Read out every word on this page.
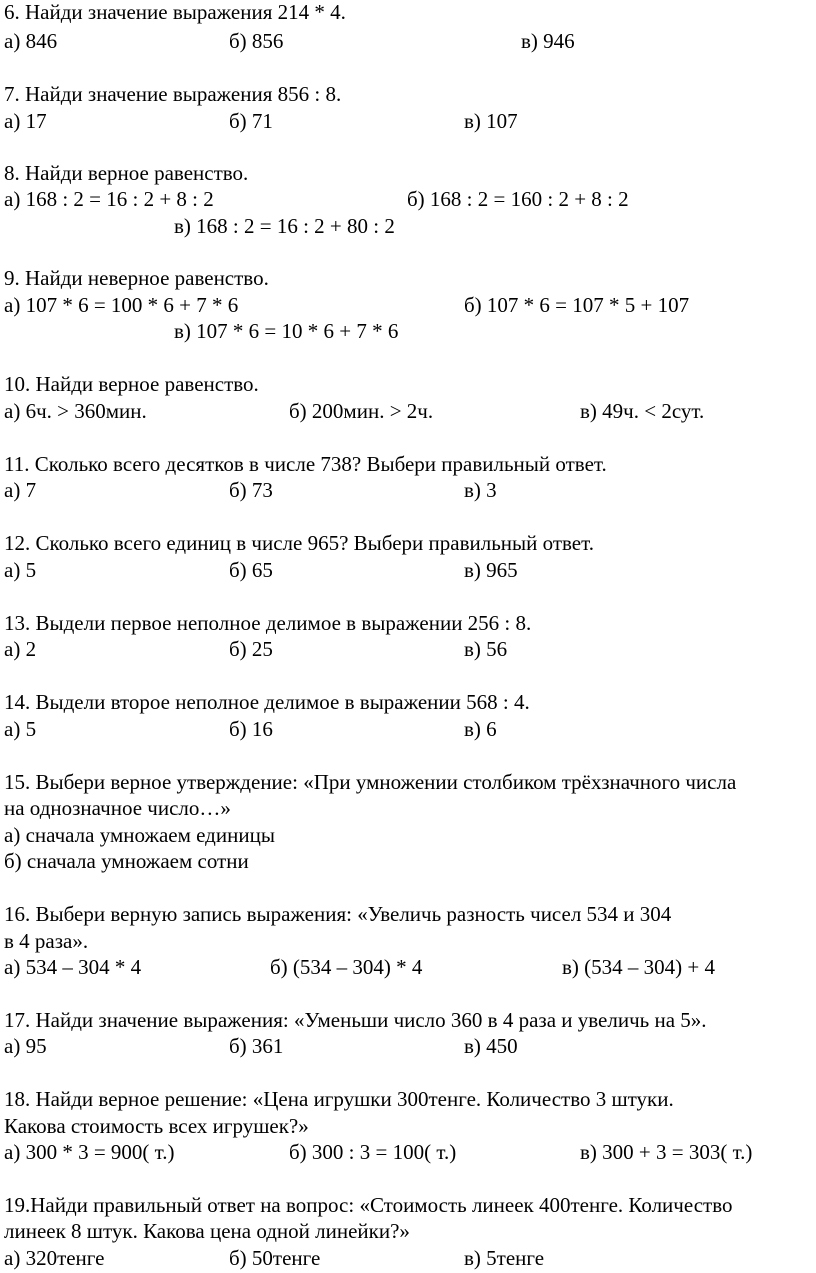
6. Найди значение выражения 214 * 4.
а) 846	б) 856	в) 946
7. Найди значение выражения 856 : 8.
а) 17	б) 71	в) 107
8. Найди верное равенство.
а) 168 : 2 = 16 : 2 + 8 : 2	б) 168 : 2 = 160 : 2 + 8 : 2
в) 168 : 2 = 16 : 2 + 80 : 2
9. Найди неверное равенство.
а) 107 * 6 = 100 * 6 + 7 * 6	б) 107 * 6 = 107 * 5 + 107
в) 107 * 6 = 10 * 6 + 7 * 6
10. Найди верное равенство.
а) 6ч. > 360мин.	б) 200мин. > 2ч.	в) 49ч. < 2сут.
11. Сколько всего десятков в числе 738? Выбери правильный ответ.
а) 7	б) 73	в) 3
12. Сколько всего единиц в числе 965? Выбери правильный ответ.
а) 5	б) 65	в) 965
13. Выдели первое неполное делимое в выражении 256 : 8.
а) 2	б) 25	в) 56
14. Выдели второе неполное делимое в выражении 568 : 4.
а) 5	б) 16	в) 6
15. Выбери верное утверждение: «При умножении столбиком трёхзначного числа
на однозначное число…»
а) сначала умножаем единицы
б) сначала умножаем сотни
16. Выбери верную запись выражения: «Увеличь разность чисел 534 и 304
в 4 раза».
а) 534 – 304 * 4	б) (534 – 304) * 4	в) (534 – 304) + 4
17. Найди значение выражения: «Уменьши число 360 в 4 раза и увеличь на 5».
а) 95	б) 361	в) 450
18. Найди верное решение: «Цена игрушки 300тенге. Количество 3 штуки.
Какова стоимость всех игрушек?»
а) 300 * 3 = 900( т.)	б) 300 : 3 = 100( т.)	в) 300 + 3 = 303( т.)
19.Найди правильный ответ на вопрос: «Стоимость линеек 400тенге. Количество
линеек 8 штук. Какова цена одной линейки?»
а) 320тенге	б) 50тенге	в) 5тенге
